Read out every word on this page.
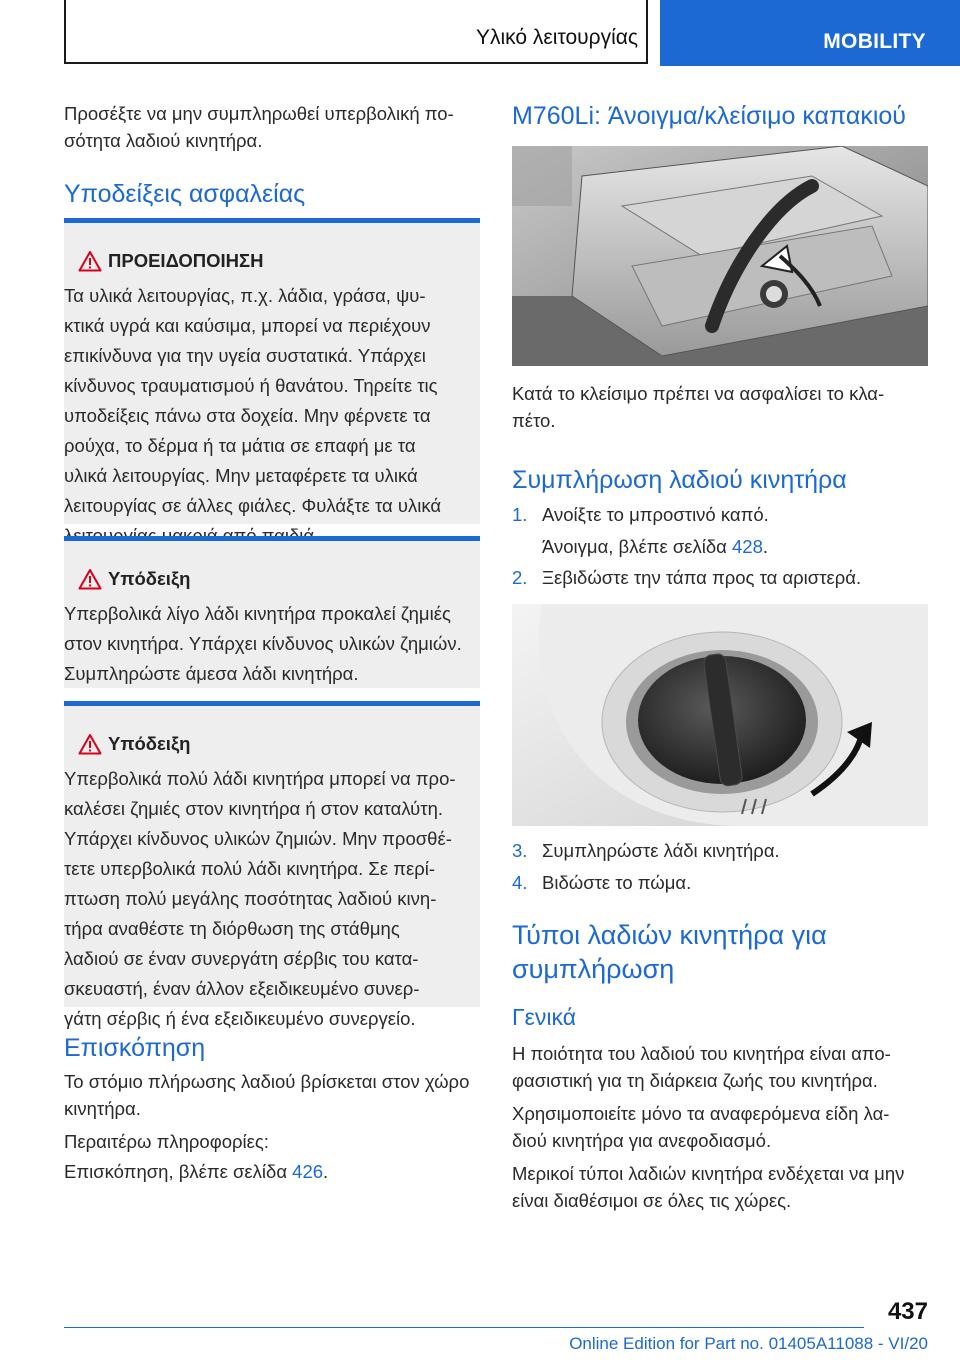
Υλικό λειτουργίας	MOBILITY
Προσέξτε να μην συμπληρωθεί υπερβολική πο-
σότητα λαδιού κινητήρα.
Υποδείξεις ασφαλείας
ΠΡΟΕΙΔΟΠΟΙΗΣΗ
Τα υλικά λειτουργίας, π.χ. λάδια, γράσα, ψυ-
κτικά υγρά και καύσιμα, μπορεί να περιέχουν
επικίνδυνα για την υγεία συστατικά. Υπάρχει
κίνδυνος τραυματισμού ή θανάτου. Τηρείτε τις
υποδείξεις πάνω στα δοχεία. Μην φέρνετε τα
ρούχα, το δέρμα ή τα μάτια σε επαφή με τα
υλικά λειτουργίας. Μην μεταφέρετε τα υλικά
λειτουργίας σε άλλες φιάλες. Φυλάξτε τα υλικά
Υπόδειξη
Υπερβολικά λίγο λάδι κινητήρα προκαλεί ζημιές
στον κινητήρα. Υπάρχει κίνδυνος υλικών ζημιών.
Συμπληρώστε άμεσα λάδι κινητήρα.
Υπόδειξη
Υπερβολικά πολύ λάδι κινητήρα μπορεί να προ-
καλέσει ζημιές στον κινητήρα ή στον καταλύτη.
Υπάρχει κίνδυνος υλικών ζημιών. Μην προσθέ-
τετε υπερβολικά πολύ λάδι κινητήρα. Σε περί-
πτωση πολύ μεγάλης ποσότητας λαδιού κινη-
τήρα αναθέστε τη διόρθωση της στάθμης
λαδιού σε έναν συνεργάτη σέρβις του κατα-
σκευαστή, έναν άλλον εξειδικευμένο συνερ-
γάτη σέρβις ή ένα εξειδικευμένο συνεργείο.
Επισκόπηση
Το στόμιο πλήρωσης λαδιού βρίσκεται στον χώρο
κινητήρα.
Περαιτέρω πληροφορίες:
Επισκόπηση, βλέπε σελίδα 426.
M760Li: Άνοιγμα/κλείσιμο καπακιού
Κατά το κλείσιμο πρέπει να ασφαλίσει το κλα-
πέτο.
Συμπλήρωση λαδιού κινητήρα
1. Ανοίξτε το μπροστινό καπό.
Άνοιγμα, βλέπε σελίδα 428.
2. Ξεβιδώστε την τάπα προς τα αριστερά.
3. Συμπληρώστε λάδι κινητήρα.
4. Βιδώστε το πώμα.
Τύποι λαδιών κινητήρα για
συμπλήρωση
Γενικά
Η ποιότητα του λαδιού του κινητήρα είναι απο-
φασιστική για τη διάρκεια ζωής του κινητήρα.
Χρησιμοποιείτε μόνο τα αναφερόμενα είδη λα-
διού κινητήρα για ανεφοδιασμό.
Μερικοί τύποι λαδιών κινητήρα ενδέχεται να μην
είναι διαθέσιμοι σε όλες τις χώρες.
437
Online Edition for Part no. 01405A11088 - VI/20
